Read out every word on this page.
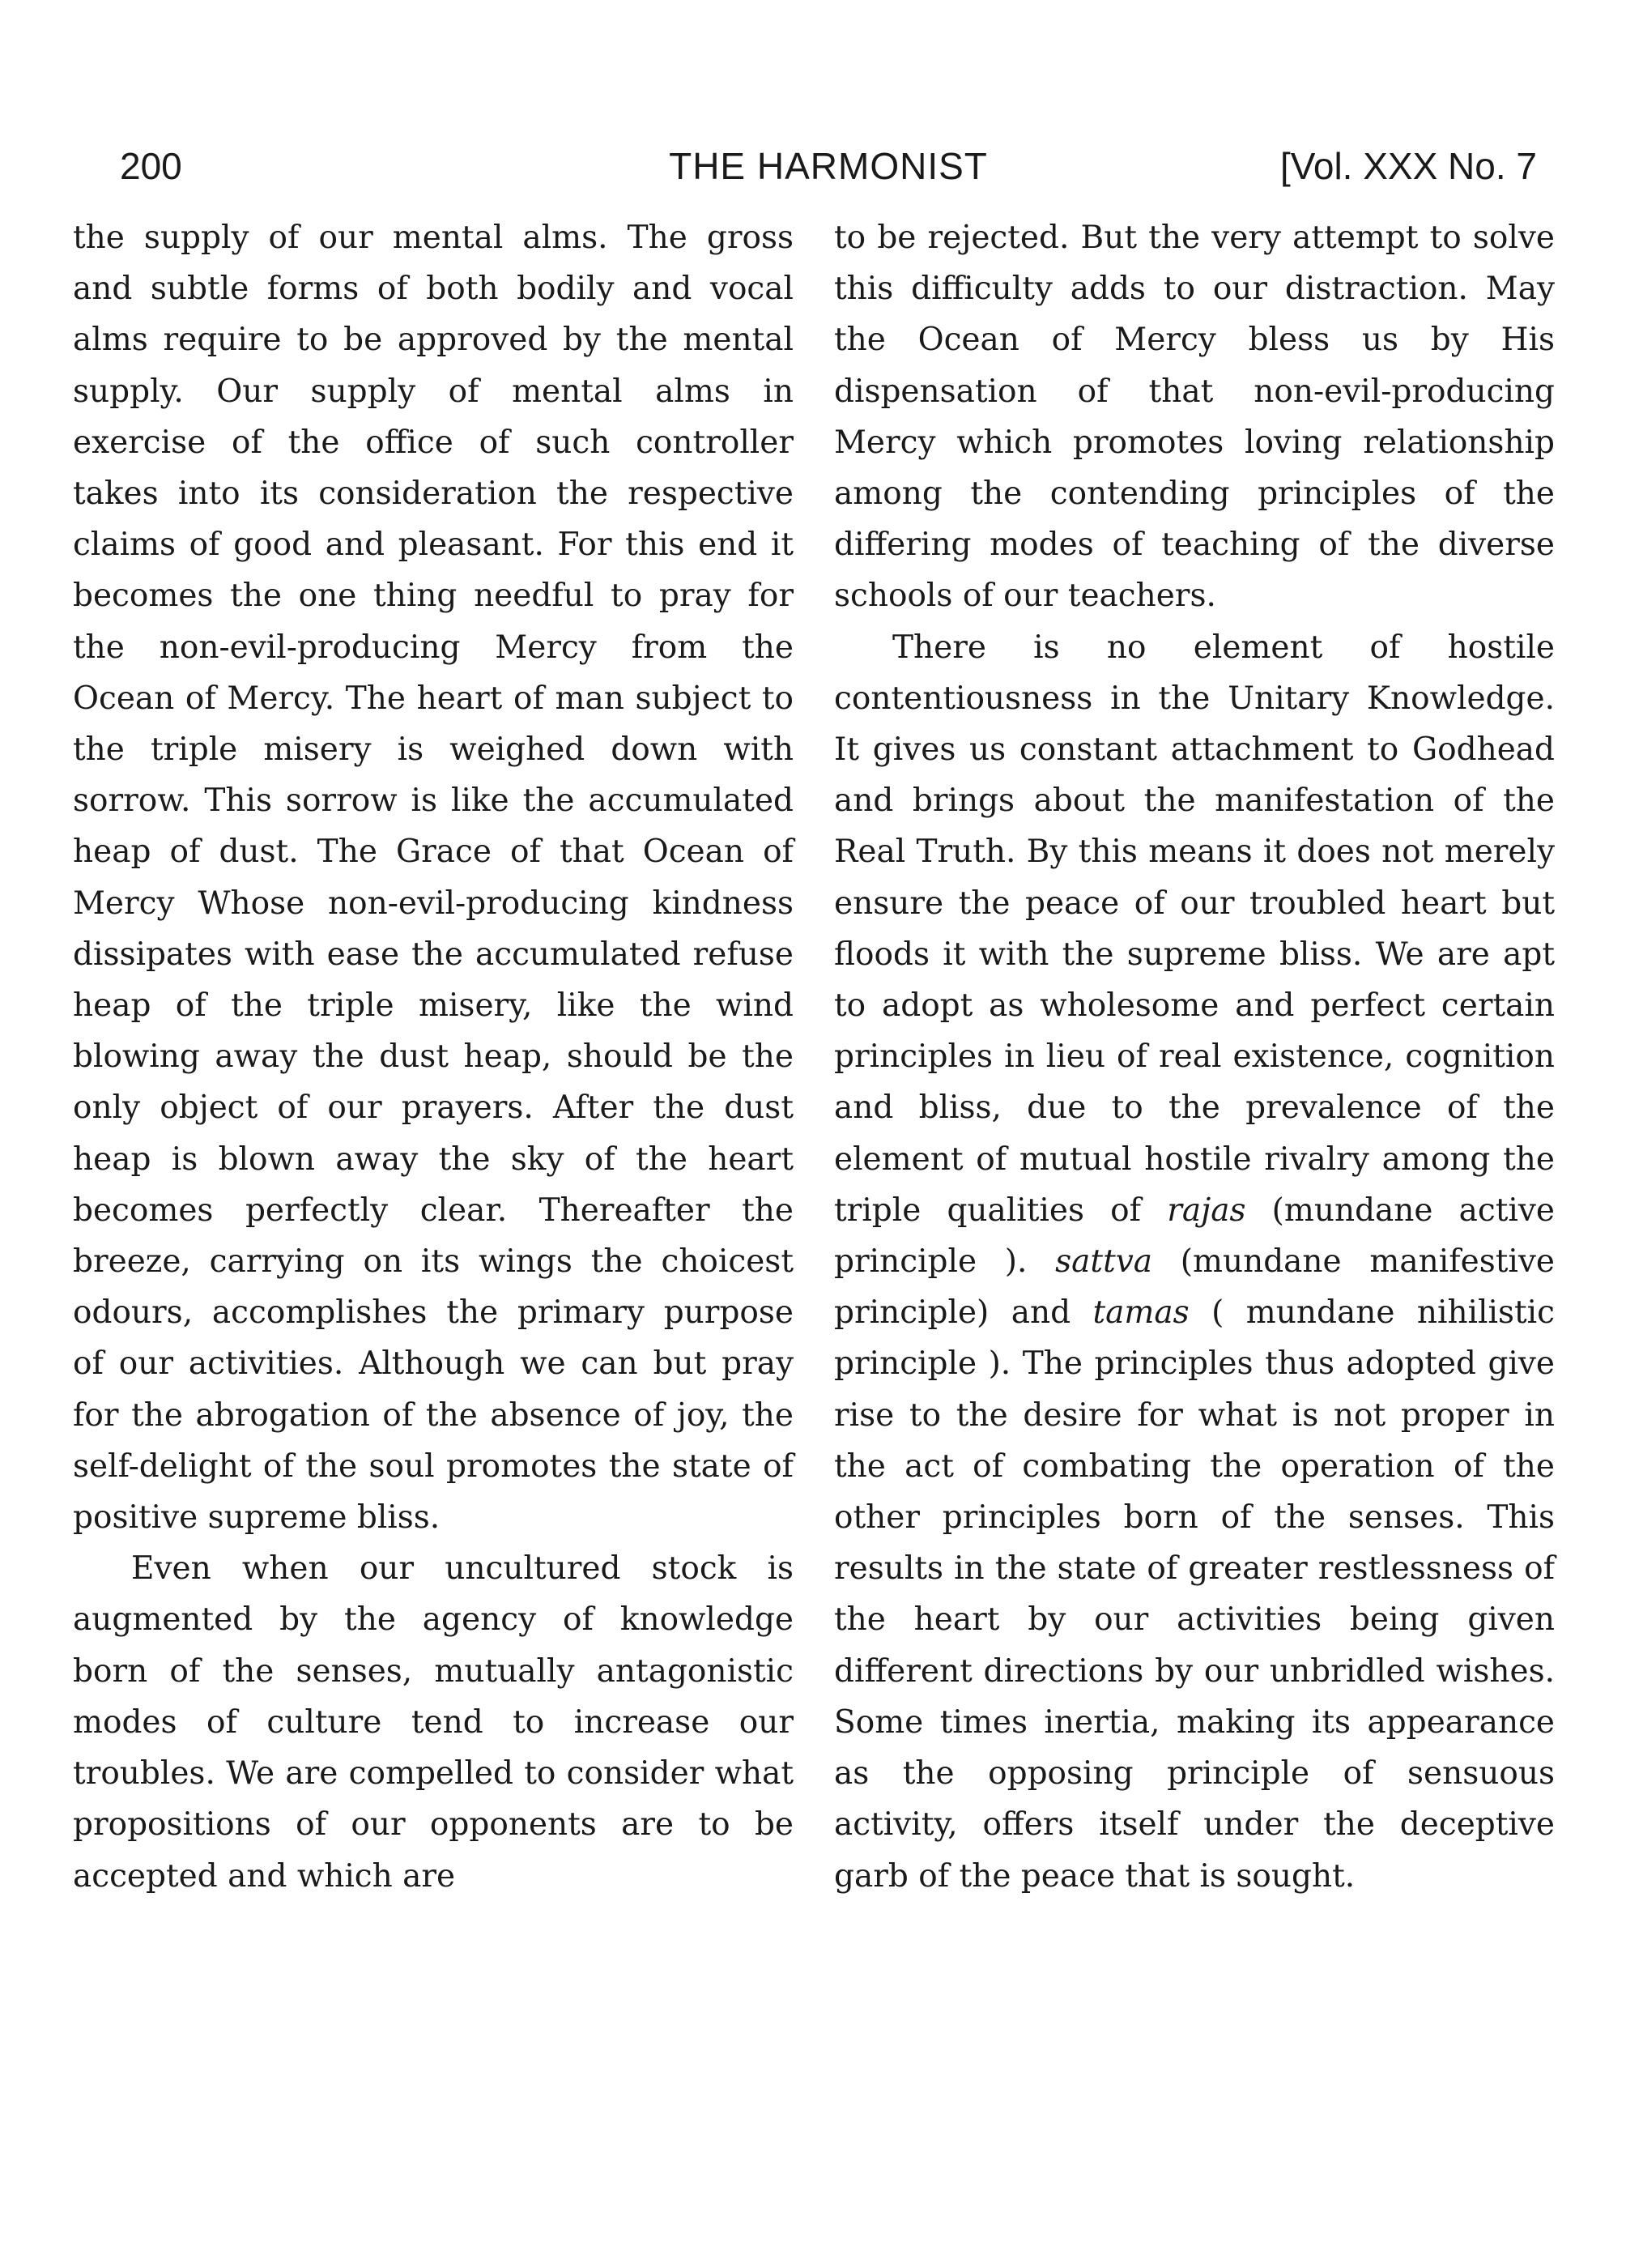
200	THE HARMONIST	[Vol. XXX No. 7

the supply of our mental alms. The gross and subtle forms of both bodily and vocal alms require to be approved by the mental supply. Our supply of mental alms in exercise of the office of such controller takes into its consideration the respective claims of good and pleasant. For this end it becomes the one thing needful to pray for the non-evil-producing Mercy from the Ocean of Mercy. The heart of man subject to the triple misery is weighed down with sorrow. This sorrow is like the accumulated heap of dust. The Grace of that Ocean of Mercy Whose non-evil-producing kindness dissipates with ease the accumulated refuse heap of the triple misery, like the wind blowing away the dust heap, should be the only object of our prayers. After the dust heap is blown away the sky of the heart becomes perfectly clear. Thereafter the breeze, carrying on its wings the choicest odours, accomplishes the primary purpose of our activities. Although we can but pray for the abrogation of the absence of joy, the self-delight of the soul promotes the state of positive supreme bliss.

Even when our uncultured stock is augmented by the agency of knowledge born of the senses, mutually antagonistic modes of culture tend to increase our troubles. We are compelled to consider what propositions of our opponents are to be accepted and which are

to be rejected. But the very attempt to solve this difficulty adds to our distraction. May the Ocean of Mercy bless us by His dispensation of that non-evil-producing Mercy which promotes loving relationship among the contending principles of the differing modes of teaching of the diverse schools of our teachers.

There is no element of hostile contentiousness in the Unitary Knowledge. It gives us constant attachment to Godhead and brings about the manifestation of the Real Truth. By this means it does not merely ensure the peace of our troubled heart but floods it with the supreme bliss. We are apt to adopt as wholesome and perfect certain principles in lieu of real existence, cognition and bliss, due to the prevalence of the element of mutual hostile rivalry among the triple qualities of rajas (mundane active principle ). sattva (mundane manifestive principle) and tamas ( mundane nihilistic principle ). The principles thus adopted give rise to the desire for what is not proper in the act of combating the operation of the other principles born of the senses. This results in the state of greater restlessness of the heart by our activities being given different directions by our unbridled wishes. Some times inertia, making its appearance as the opposing principle of sensuous activity, offers itself under the deceptive garb of the peace that is sought.
